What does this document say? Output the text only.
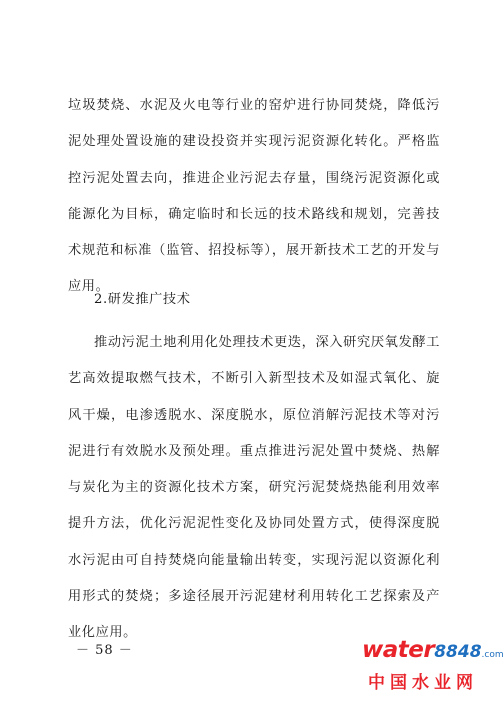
垃圾焚烧、水泥及火电等行业的窑炉进行协同焚烧，降低污泥处理处置设施的建设投资并实现污泥资源化转化。严格监控污泥处置去向，推进企业污泥去存量，围绕污泥资源化或能源化为目标，确定临时和长远的技术路线和规划，完善技术规范和标准（监管、招投标等），展开新技术工艺的开发与应用。

2.研发推广技术

推动污泥土地利用化处理技术更迭，深入研究厌氧发酵工艺高效提取燃气技术，不断引入新型技术及如湿式氧化、旋风干燥，电渗透脱水、深度脱水，原位消解污泥技术等对污泥进行有效脱水及预处理。重点推进污泥处置中焚烧、热解与炭化为主的资源化技术方案，研究污泥焚烧热能利用效率提升方法，优化污泥泥性变化及协同处置方式，使得深度脱水污泥由可自持焚烧向能量输出转变，实现污泥以资源化利用形式的焚烧；多途径展开污泥建材利用转化工艺探索及产业化应用。

－ 58 －	water8848.com
中国水业网
